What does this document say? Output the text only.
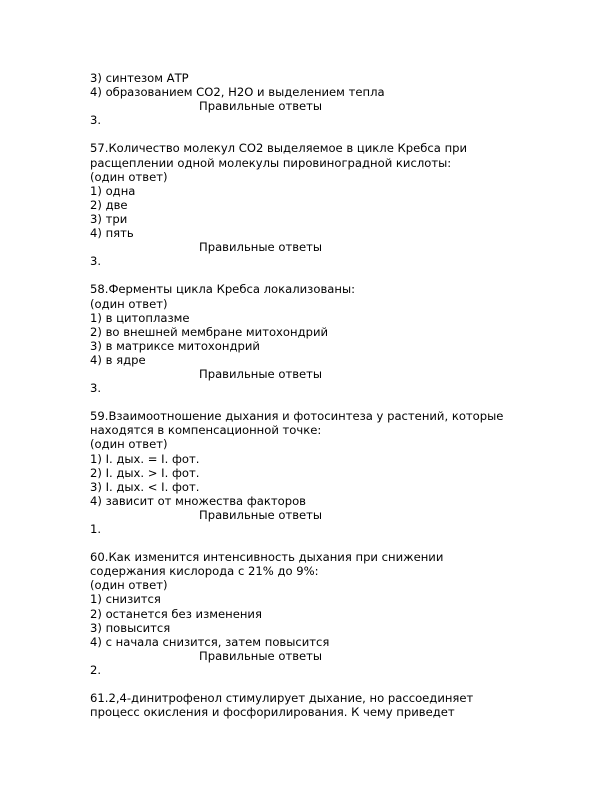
3) синтезом АТР
4) образованием СО2, Н2О и выделением тепла
Правильные ответы
3.
57.Количество молекул СО2 выделяемое в цикле Кребса при
расщеплении одной молекулы пировиноградной кислоты:
(один ответ)
1) одна
2) две
3) три
4) пять
Правильные ответы
3.
58.Ферменты цикла Кребса локализованы:
(один ответ)
1) в цитоплазме
2) во внешней мембране митохондрий
3) в матриксе митохондрий
4) в ядре
Правильные ответы
3.
59.Взаимоотношение дыхания и фотосинтеза у растений, которые
находятся в компенсационной точке:
(один ответ)
1) I. дых. = I. фот.
2) I. дых. > I. фот.
3) I. дых. < I. фот.
4) зависит от множества факторов
Правильные ответы
1.
60.Как изменится интенсивность дыхания при снижении
содержания кислорода с 21% до 9%:
(один ответ)
1) снизится
2) останется без изменения
3) повысится
4) с начала снизится, затем повысится
Правильные ответы
2.
61.2,4-динитрофенол стимулирует дыхание, но рассоединяет
процесс окисления и фосфорилирования. К чему приведет
